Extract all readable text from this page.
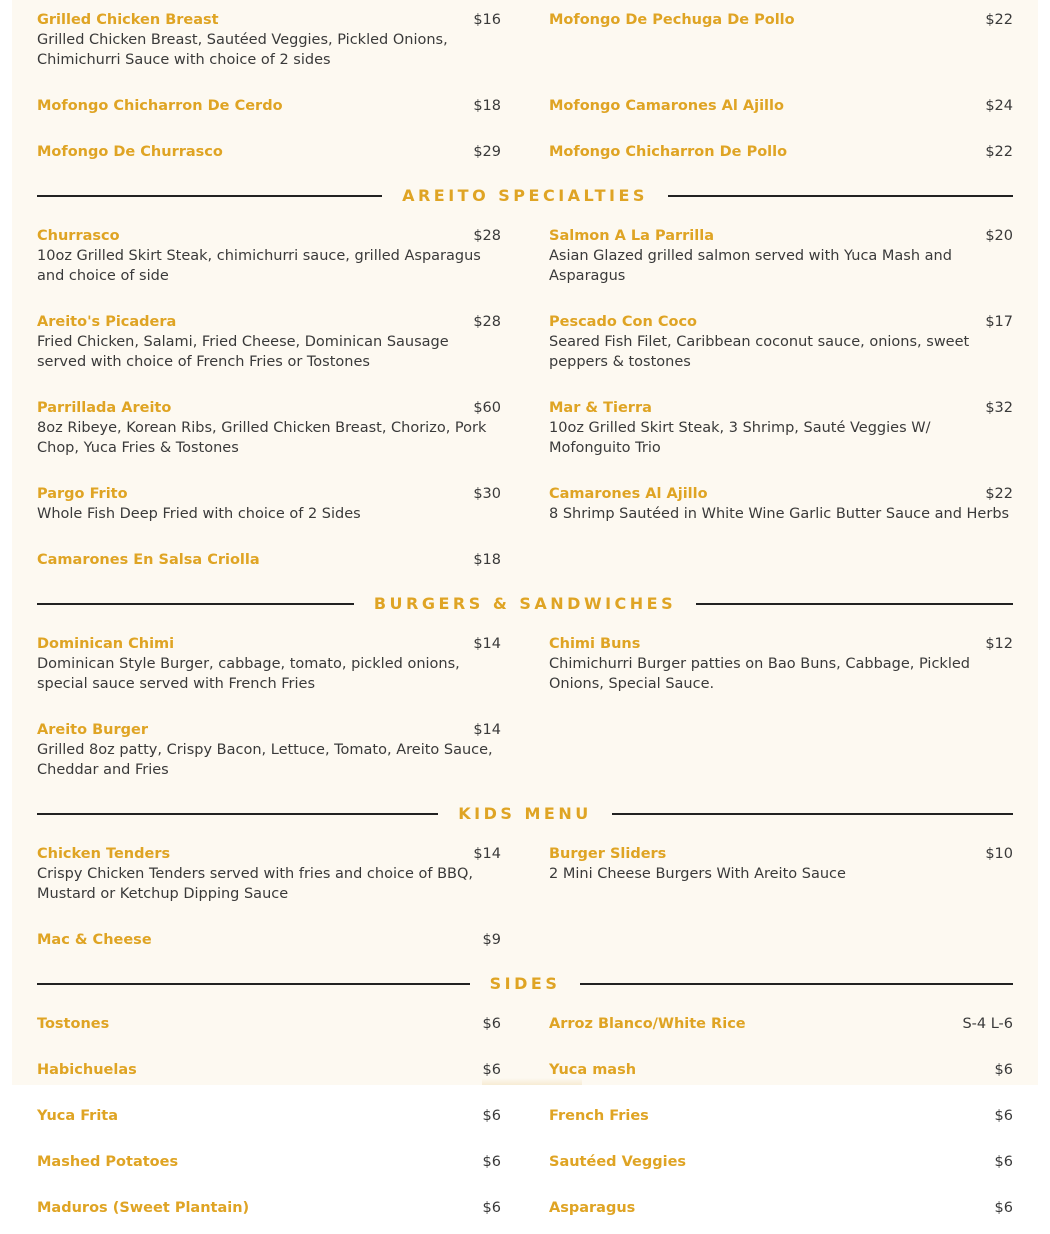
Grilled Chicken Breast	$16
Grilled Chicken Breast, Sautéed Veggies, Pickled Onions, Chimichurri Sauce with choice of 2 sides
Mofongo De Pechuga De Pollo	$22
Mofongo Chicharron De Cerdo	$18	Mofongo Camarones Al Ajillo	$24
Mofongo De Churrasco	$29	Mofongo Chicharron De Pollo	$22
AREITO SPECIALTIES
Churrasco	$28
10oz Grilled Skirt Steak, chimichurri sauce, grilled Asparagus and choice of side
Salmon A La Parrilla	$20
Asian Glazed grilled salmon served with Yuca Mash and Asparagus
Areito's Picadera	$28
Fried Chicken, Salami, Fried Cheese, Dominican Sausage served with choice of French Fries or Tostones
Pescado Con Coco	$17
Seared Fish Filet, Caribbean coconut sauce, onions, sweet peppers & tostones
Parrillada Areito	$60
8oz Ribeye, Korean Ribs, Grilled Chicken Breast, Chorizo, Pork Chop, Yuca Fries & Tostones
Mar & Tierra	$32
10oz Grilled Skirt Steak, 3 Shrimp, Sauté Veggies W/ Mofonguito Trio
Pargo Frito	$30
Whole Fish Deep Fried with choice of 2 Sides
Camarones Al Ajillo	$22
8 Shrimp Sautéed in White Wine Garlic Butter Sauce and Herbs
Camarones En Salsa Criolla	$18
BURGERS & SANDWICHES
Dominican Chimi	$14
Dominican Style Burger, cabbage, tomato, pickled onions, special sauce served with French Fries
Chimi Buns	$12
Chimichurri Burger patties on Bao Buns, Cabbage, Pickled Onions, Special Sauce.
Areito Burger	$14
Grilled 8oz patty, Crispy Bacon, Lettuce, Tomato, Areito Sauce, Cheddar and Fries
KIDS MENU
Chicken Tenders	$14
Crispy Chicken Tenders served with fries and choice of BBQ, Mustard or Ketchup Dipping Sauce
Burger Sliders	$10
2 Mini Cheese Burgers With Areito Sauce
Mac & Cheese	$9
SIDES
Tostones	$6	Arroz Blanco/White Rice	S-4 L-6
Habichuelas	$6	Yuca mash	$6
Yuca Frita	$6	French Fries	$6
Mashed Potatoes	$6	Sautéed Veggies	$6
Maduros (Sweet Plantain)	$6	Asparagus	$6
